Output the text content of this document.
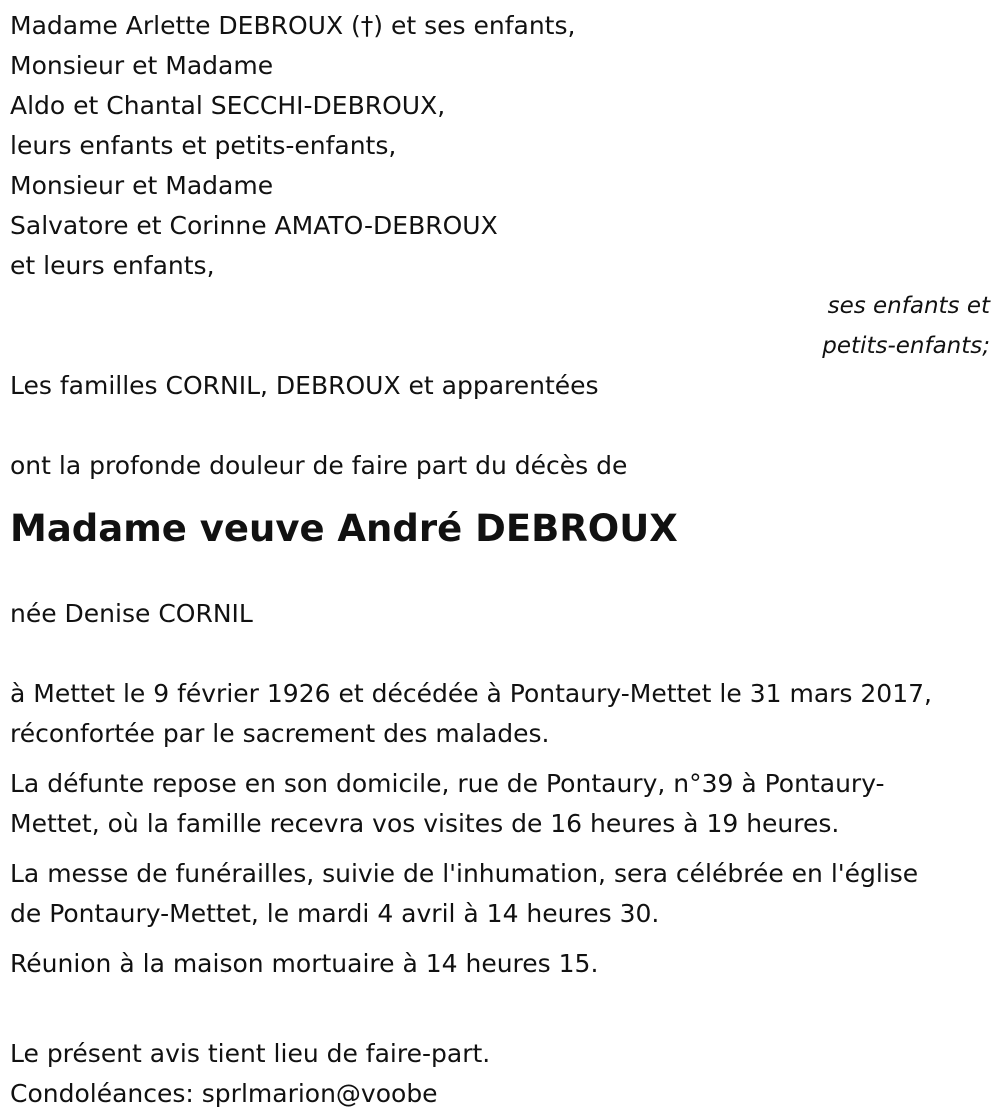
Madame Arlette DEBROUX (†) et ses enfants,
Monsieur et Madame
Aldo et Chantal SECCHI-DEBROUX,
leurs enfants et petits-enfants,
Monsieur et Madame
Salvatore et Corinne AMATO-DEBROUX
et leurs enfants,
ses enfants et
petits-enfants;
Les familles CORNIL, DEBROUX et apparentées
ont la profonde douleur de faire part du décès de
Madame veuve André DEBROUX
née Denise CORNIL
à Mettet le 9 février 1926 et décédée à Pontaury-Mettet le 31 mars 2017,
réconfortée par le sacrement des malades.
La défunte repose en son domicile, rue de Pontaury, n°39 à Pontaury-
Mettet, où la famille recevra vos visites de 16 heures à 19 heures.
La messe de funérailles, suivie de l'inhumation, sera célébrée en l'église
de Pontaury-Mettet, le mardi 4 avril à 14 heures 30.
Réunion à la maison mortuaire à 14 heures 15.
Le présent avis tient lieu de faire-part.
Condoléances: sprlmarion@voobe
